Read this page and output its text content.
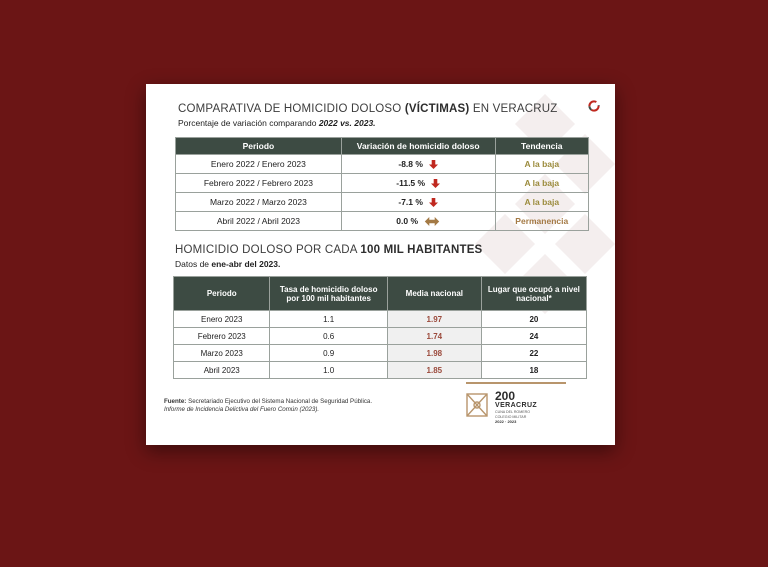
COMPARATIVA DE HOMICIDIO DOLOSO (VÍCTIMAS) EN VERACRUZ
Porcentaje de variación comparando 2022 vs. 2023.
Periodo	Variación de homicidio doloso	Tendencia
Enero 2022 / Enero 2023	-8.8 %	A la baja
Febrero 2022 / Febrero 2023	-11.5 %	A la baja
Marzo 2022 / Marzo 2023	-7.1 %	A la baja
Abril 2022 / Abril 2023	0.0 %	Permanencia
HOMICIDIO DOLOSO POR CADA 100 MIL HABITANTES
Datos de ene-abr del 2023.
Periodo	Tasa de homicidio doloso por 100 mil habitantes	Media nacional	Lugar que ocupó a nivel nacional*
Enero 2023	1.1	1.97	20
Febrero 2023	0.6	1.74	24
Marzo 2023	0.9	1.98	22
Abril 2023	1.0	1.85	18
Fuente: Secretariado Ejecutivo del Sistema Nacional de Seguridad Pública.
Informe de Incidencia Delictiva del Fuero Común (2023).
200
VERACRUZ
CUNA DEL ROMERO
COLEGIO MILITAR
2022 · 2023
